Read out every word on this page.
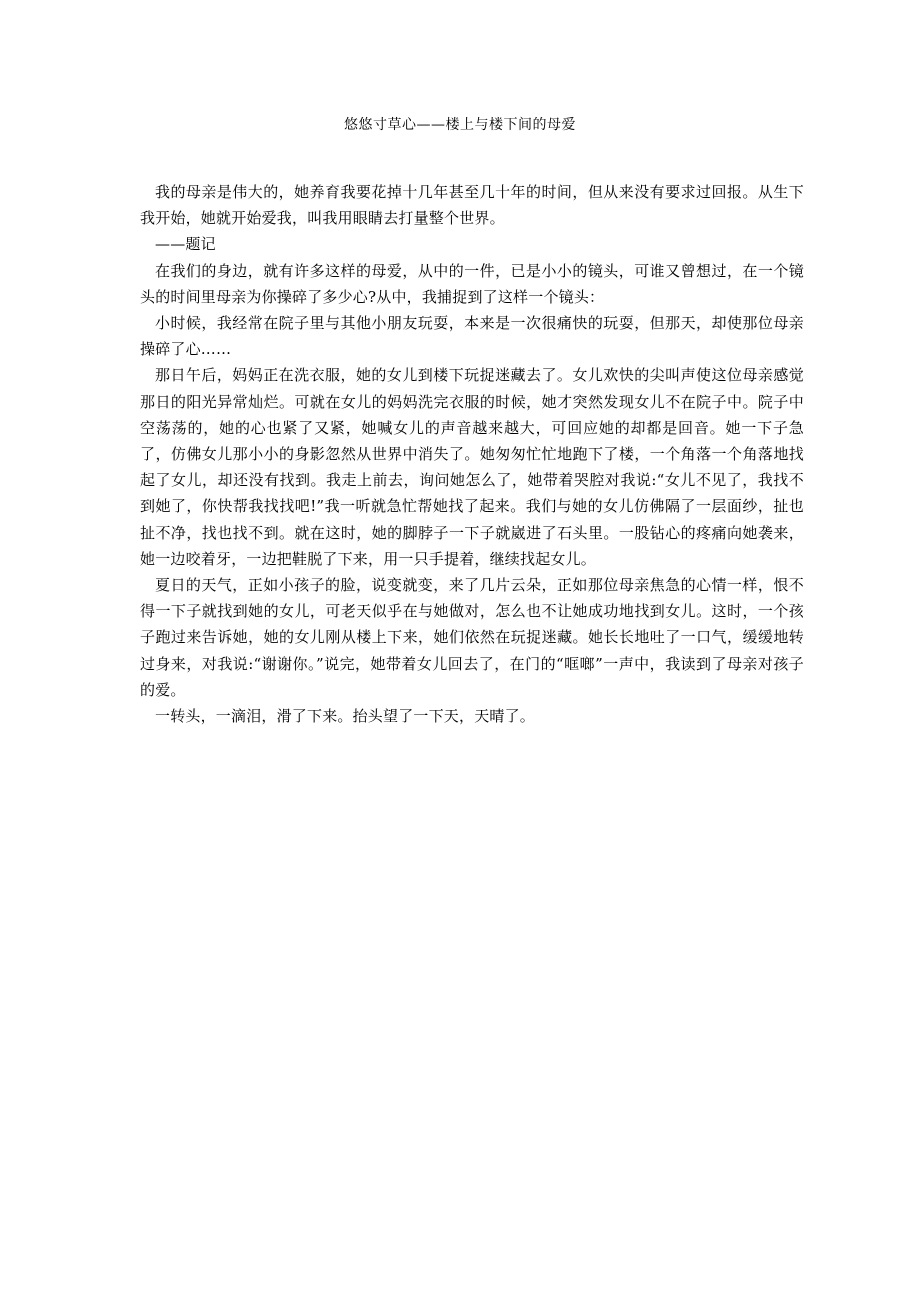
悠悠寸草心——楼上与楼下间的母爱

我的母亲是伟大的，她养育我要花掉十几年甚至几十年的时间，但从来没有要求过回报。从生下我开始，她就开始爱我，叫我用眼睛去打量整个世界。

——题记

在我们的身边，就有许多这样的母爱，从中的一件，已是小小的镜头，可谁又曾想过，在一个镜头的时间里母亲为你操碎了多少心?从中，我捕捉到了这样一个镜头：

小时候，我经常在院子里与其他小朋友玩耍，本来是一次很痛快的玩耍，但那天，却使那位母亲操碎了心……

那日午后，妈妈正在洗衣服，她的女儿到楼下玩捉迷藏去了。女儿欢快的尖叫声使这位母亲感觉那日的阳光异常灿烂。可就在女儿的妈妈洗完衣服的时候，她才突然发现女儿不在院子中。院子中空荡荡的，她的心也紧了又紧，她喊女儿的声音越来越大，可回应她的却都是回音。她一下子急了，仿佛女儿那小小的身影忽然从世界中消失了。她匆匆忙忙地跑下了楼，一个角落一个角落地找起了女儿，却还没有找到。我走上前去，询问她怎么了，她带着哭腔对我说:“女儿不见了，我找不到她了，你快帮我找找吧!”我一听就急忙帮她找了起来。我们与她的女儿仿佛隔了一层面纱，扯也扯不净，找也找不到。就在这时，她的脚脖子一下子就崴进了石头里。一股钻心的疼痛向她袭来，她一边咬着牙，一边把鞋脱了下来，用一只手提着，继续找起女儿。

夏日的天气，正如小孩子的脸，说变就变，来了几片云朵，正如那位母亲焦急的心情一样，恨不得一下子就找到她的女儿，可老天似乎在与她做对，怎么也不让她成功地找到女儿。这时，一个孩子跑过来告诉她，她的女儿刚从楼上下来，她们依然在玩捉迷藏。她长长地吐了一口气，缓缓地转过身来，对我说:“谢谢你。”说完，她带着女儿回去了，在门的“哐啷”一声中，我读到了母亲对孩子的爱。

一转头，一滴泪，滑了下来。抬头望了一下天，天晴了。
